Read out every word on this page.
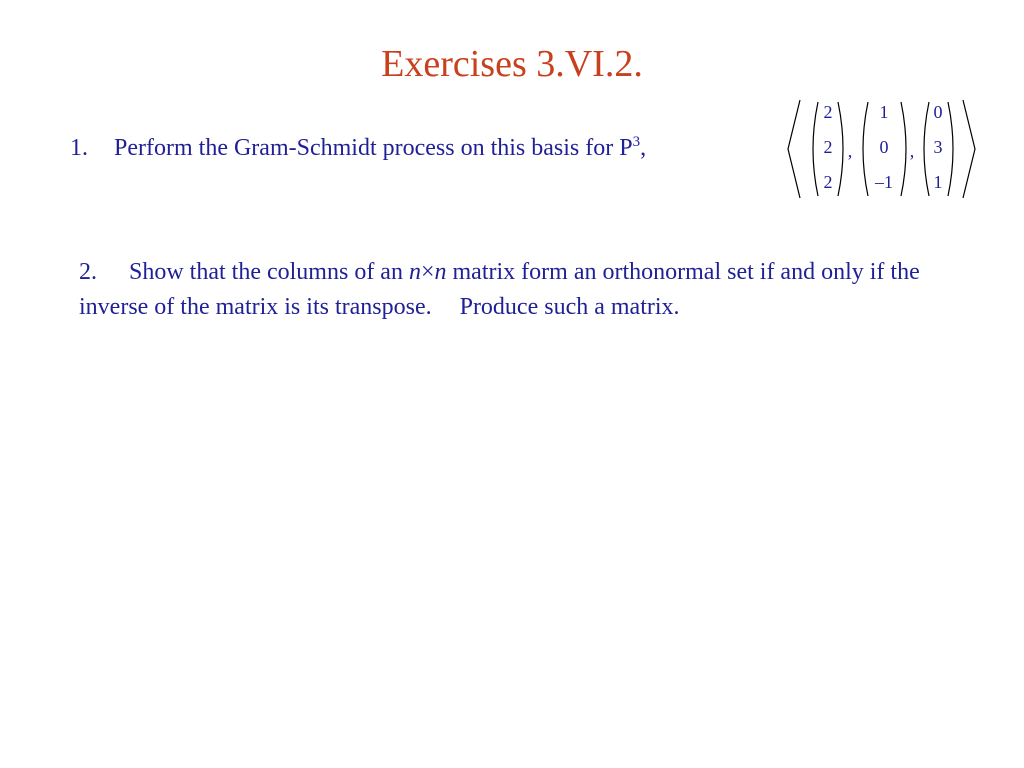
Exercises 3.VI.2.
1. Perform the Gram-Schmidt process on this basis for $P^3$,
2
2
2
,
1
0
–1
,
0
3
1
2. Show that the columns of an n×n matrix form an orthonormal set if and only if the inverse of the matrix is its transpose. Produce such a matrix.
